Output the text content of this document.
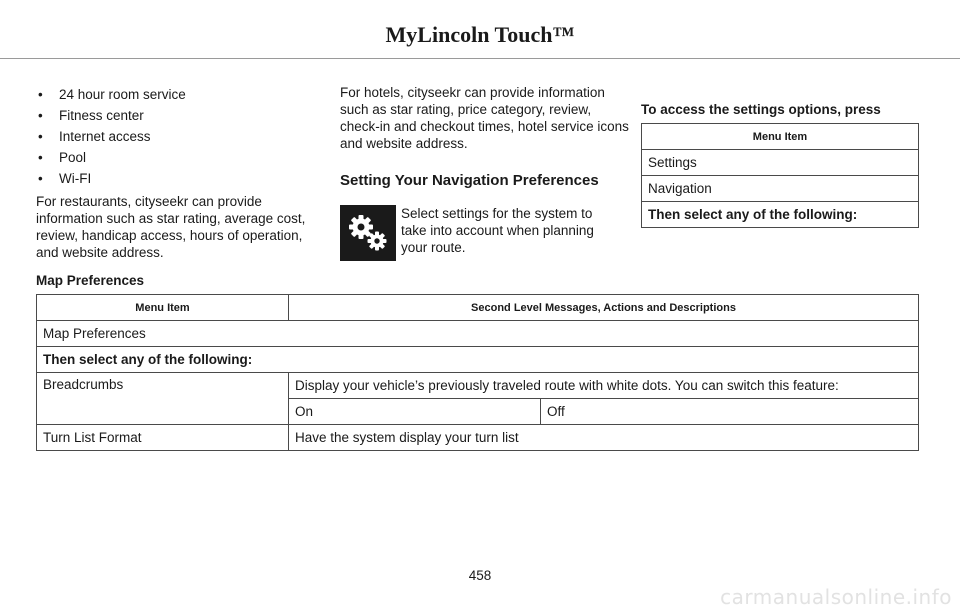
MyLincoln Touch™
• 24 hour room service
• Fitness center
• Internet access
• Pool
• Wi-FI
For restaurants, cityseekr can provide information such as star rating, average cost, review, handicap access, hours of operation, and website address.
For hotels, cityseekr can provide information such as star rating, price category, review, check-in and checkout times, hotel service icons and website address.
Setting Your Navigation Preferences
Select settings for the system to take into account when planning your route.
To access the settings options, press
Menu Item
Settings
Navigation
Then select any of the following:
Map Preferences
Menu Item	Second Level Messages, Actions and Descriptions	
Map Preferences		
Then select any of the following:		
Breadcrumbs	Display your vehicle’s previously traveled route with white dots. You can switch this feature:	
	On	Off
Turn List Format	Have the system display your turn list	
458
carmanualsonline.info
